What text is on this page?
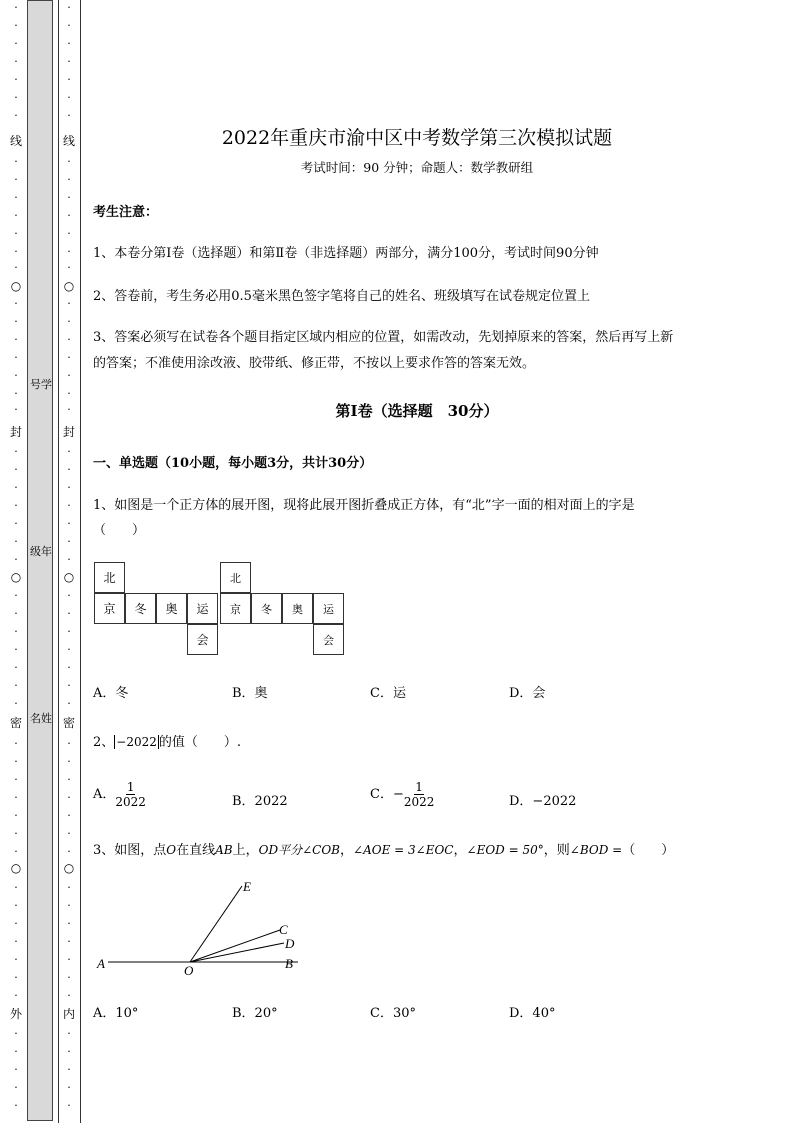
·
·
·
·
·
·
·
线
·
·
·
·
·
·
·
○
·
·
·
·
·
·
·
封
·
·
·
·
·
·
·
○
·
·
·
·
·
·
·
密
·
·
·
·
·
·
·
○
·
·
·
·
·
·
·
外
·
·
·
·
·
号学
级年
名姓
·
·
·
·
·
·
·
线
·
·
·
·
·
·
·
○
·
·
·
·
·
·
·
封
·
·
·
·
·
·
·
○
·
·
·
·
·
·
·
密
·
·
·
·
·
·
·
○
·
·
·
·
·
·
·
内
·
·
·
·
·
2022年重庆市渝中区中考数学第三次模拟试题
考试时间：90 分钟；命题人：数学教研组
考生注意：
1、本卷分第Ⅰ卷（选择题）和第Ⅱ卷（非选择题）两部分，满分100分，考试时间90分钟
2、答卷前，考生务必用0.5毫米黑色签字笔将自己的姓名、班级填写在试卷规定位置上
3、答案必须写在试卷各个题目指定区域内相应的位置，如需改动，先划掉原来的答案，然后再写上新
的答案；不准使用涂改液、胶带纸、修正带，不按以上要求作答的答案无效。
第Ⅰ卷（选择题　30分）
一、单选题（10小题，每小题3分，共计30分）
1、如图是一个正方体的展开图，现将此展开图折叠成正方体，有“北”字一面的相对面上的字是
（　　）
北
京	冬	奥	运
会
北
京	冬	奥	运
会
A．冬	B．奥	C．运	D．会
2、 −2022 的值（　　）.
A． $\frac{1}{2022}$	B．2022	C．− $\frac{1}{2022}$	D．−2022
3、如图，点O在直线AB上，OD平分∠COB，∠AOE = 3∠EOC，∠EOD = 50°，则∠BOD =（　　）
A	O	B
C
D
E
A．10°	B．20°	C．30°	D．40°
